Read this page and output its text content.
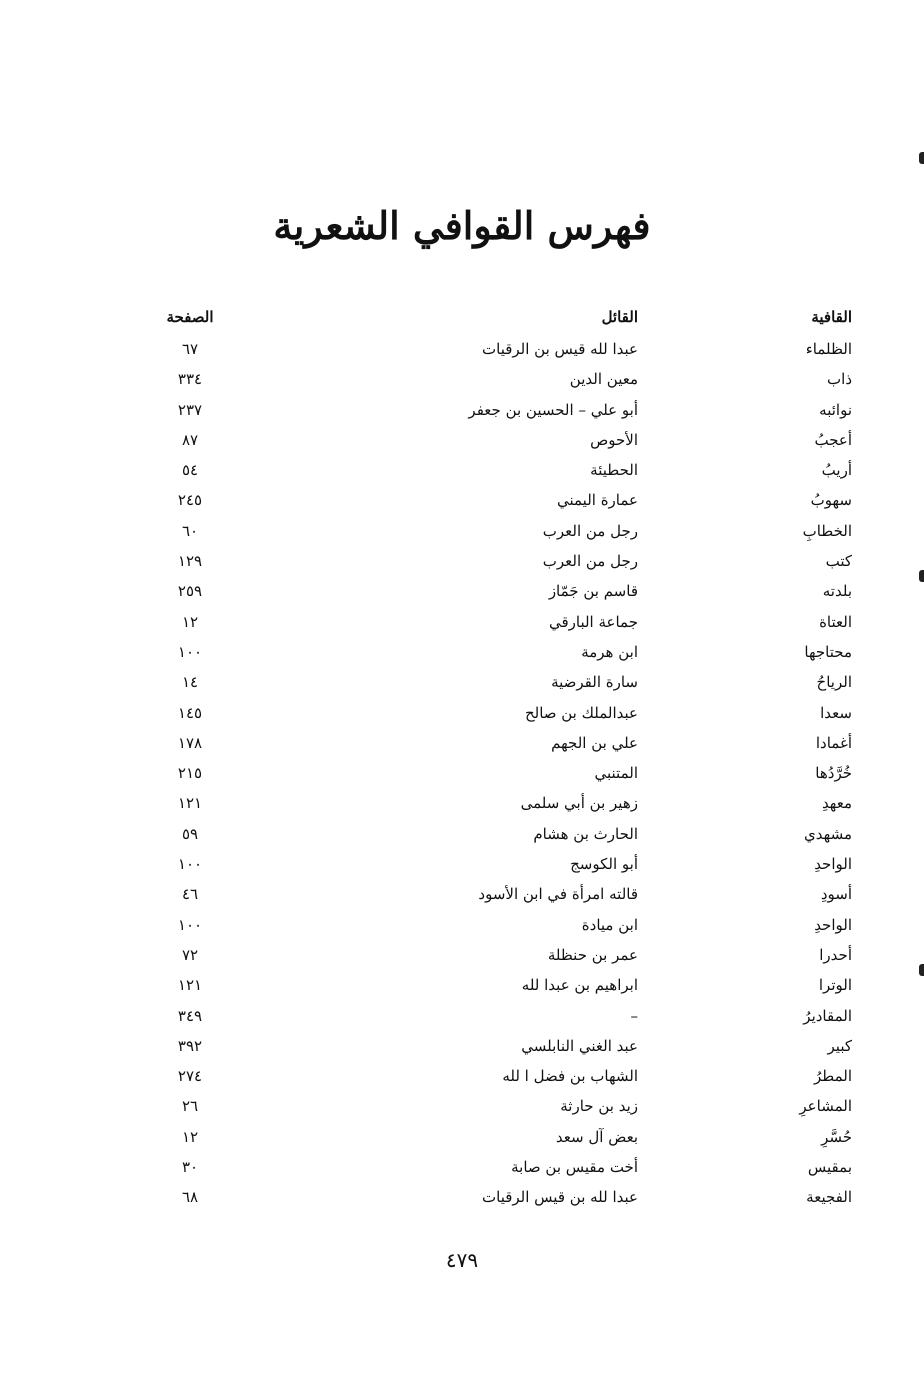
فهرس القوافي الشعرية
القافية
القائل
الصفحة
الظلماء
عبدا لله قيس بن الرقيات
٦٧
ذاب
معين الدين
٣٣٤
نوائبه
أبو علي – الحسين بن جعفر
٢٣٧
أعجبُ
الأحوص
٨٧
أريبُ
الحطيئة
٥٤
سهوبُ
عمارة اليمني
٢٤٥
الخطابِ
رجل من العرب
٦٠
كتب
رجل من العرب
١٢٩
بلدته
قاسم بن جَمّاز
٢٥٩
العتاة
جماعة البارقي
١٢
محتاجها
ابن هرمة
١٠٠
الرياحُ
سارة القرضية
١٤
سعدا
عبدالملك بن صالح
١٤٥
أغمادا
علي بن الجهم
١٧٨
خُرَّدُها
المتنبي
٢١٥
معهدِ
زهير بن أبي سلمى
١٢١
مشهدي
الحارث بن هشام
٥٩
الواحدِ
أبو الكوسج
١٠٠
أسودِ
قالته امرأة في ابن الأسود
٤٦
الواحدِ
ابن ميادة
١٠٠
أحدرا
عمر بن حنظلة
٧٢
الوترا
ابراهيم بن عبدا لله
١٢١
المقاديرُ
–
٣٤٩
كبير
عبد الغني النابلسي
٣٩٢
المطرُ
الشهاب بن فضل ا لله
٢٧٤
المشاعرِ
زيد بن حارثة
٢٦
حُسَّرِ
بعض آل سعد
١٢
بمقيس
أخت مقيس بن صابة
٣٠
الفجيعة
عبدا لله بن قيس الرقيات
٦٨
٤٧٩
